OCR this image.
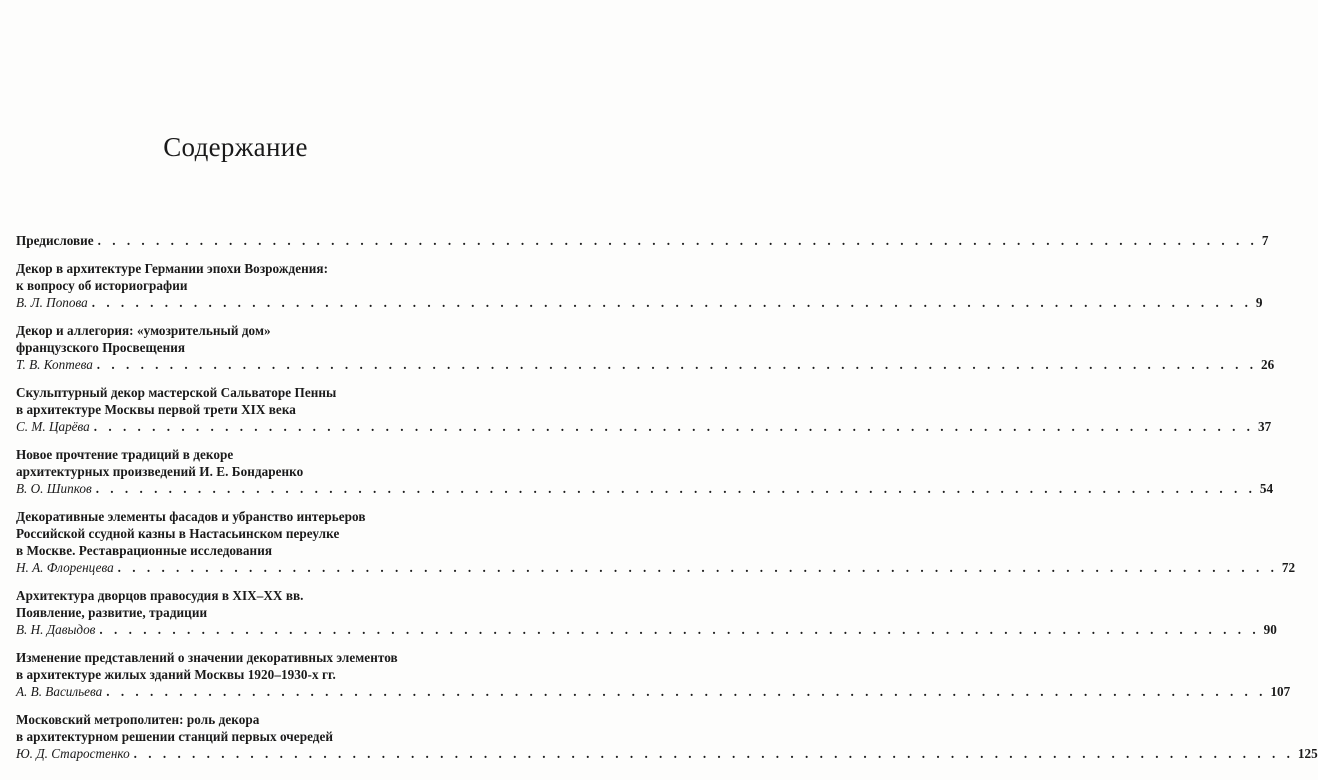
Содержание
Предисловие . . . . . . . . . . . . . . . . . . . . . . . . . . . . . . . . . . . . . . . . . . . . . . . . . . . . . . . . . . . . . . . . . . . . . . . . . . . . . . . . 7
Декор в архитектуре Германии эпохи Возрождения:
к вопросу об историографии
В. Л. Попова . . . . . . . . . . . . . . . . . . . . . . . . . . . . . . . . . . . . . . . . . . . . . . . . . . . . . . . . . . . . . . . . . . . . . . . . . . . . . . . . 9
Декор и аллегория: «умозрительный дом»
французского Просвещения
Т. В. Коптева . . . . . . . . . . . . . . . . . . . . . . . . . . . . . . . . . . . . . . . . . . . . . . . . . . . . . . . . . . . . . . . . . . . . . . . . . . . . . . . . 26
Скульптурный декор мастерской Сальваторе Пенны
в архитектуре Москвы первой трети XIX века
С. М. Царёва . . . . . . . . . . . . . . . . . . . . . . . . . . . . . . . . . . . . . . . . . . . . . . . . . . . . . . . . . . . . . . . . . . . . . . . . . . . . . . . . 37
Новое прочтение традиций в декоре
архитектурных произведений И. Е. Бондаренко
В. О. Шипков . . . . . . . . . . . . . . . . . . . . . . . . . . . . . . . . . . . . . . . . . . . . . . . . . . . . . . . . . . . . . . . . . . . . . . . . . . . . . . . . 54
Декоративные элементы фасадов и убранство интерьеров
Российской ссудной казны в Настасьинском переулке
в Москве. Реставрационные исследования
Н. А. Флоренцева . . . . . . . . . . . . . . . . . . . . . . . . . . . . . . . . . . . . . . . . . . . . . . . . . . . . . . . . . . . . . . . . . . . . . . . . . . . . . . . . 72
Архитектура дворцов правосудия в XIX–XX вв.
Появление, развитие, традиции
В. Н. Давыдов . . . . . . . . . . . . . . . . . . . . . . . . . . . . . . . . . . . . . . . . . . . . . . . . . . . . . . . . . . . . . . . . . . . . . . . . . . . . . . . . 90
Изменение представлений о значении декоративных элементов
в архитектуре жилых зданий Москвы 1920–1930-х гг.
А. В. Васильева . . . . . . . . . . . . . . . . . . . . . . . . . . . . . . . . . . . . . . . . . . . . . . . . . . . . . . . . . . . . . . . . . . . . . . . . . . . . . . . . 107
Московский метрополитен: роль декора
в архитектурном решении станций первых очередей
Ю. Д. Старостенко . . . . . . . . . . . . . . . . . . . . . . . . . . . . . . . . . . . . . . . . . . . . . . . . . . . . . . . . . . . . . . . . . . . . . . . . . . . . . . . . 125
